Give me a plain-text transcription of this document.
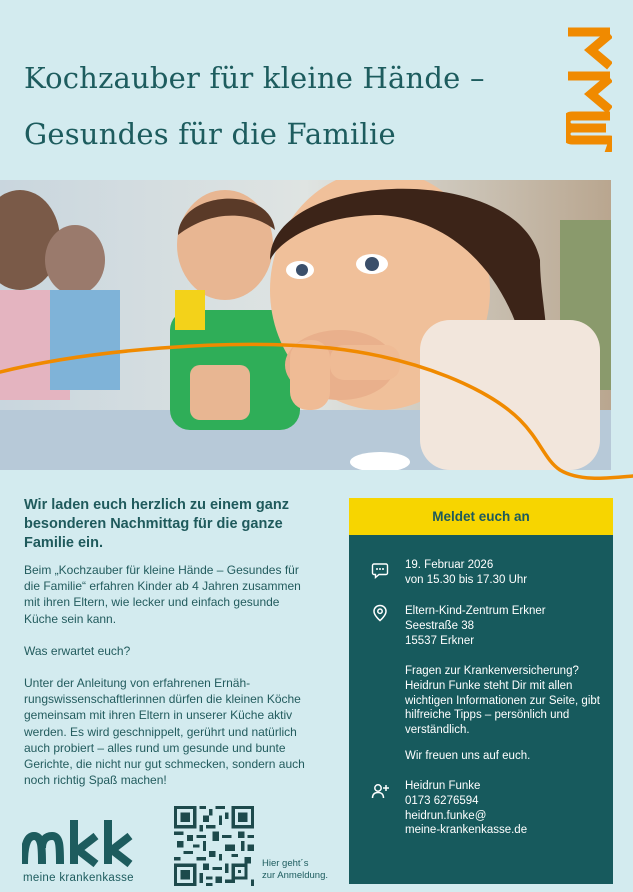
Kochzauber für kleine Hände –
Gesundes für die Familie
Wir laden euch herzlich zu einem ganz besonderen Nachmittag für die ganze Familie ein.

Beim „Kochzauber für kleine Hände – Gesundes für die Familie“ erfahren Kinder ab 4 Jahren zusammen mit ihren Eltern, wie lecker und einfach gesunde Küche sein kann.

Was erwartet euch?

Unter der Anleitung von erfahrenen Ernährungswissenschaftlerinnen dürfen die kleinen Köche gemeinsam mit ihren Eltern in unserer Küche aktiv werden. Es wird geschnippelt, gerührt und natürlich auch probiert – alles rund um gesunde und bunte Gerichte, die nicht nur gut schmecken, sondern auch noch richtig Spaß machen!

Meldet euch an
19. Februar 2026
von 15.30 bis 17.30 Uhr
Eltern-Kind-Zentrum Erkner
Seestraße 38
15537 Erkner
Fragen zur Krankenversicherung? Heidrun Funke steht Dir mit allen wichtigen Informationen zur Seite, gibt hilfreiche Tipps – persönlich und verständlich.
Wir freuen uns auf euch.
Heidrun Funke
0173 6276594
heidrun.funke@
meine-krankenkasse.de
meine krankenkasse
Hier geht´s
zur Anmeldung.
